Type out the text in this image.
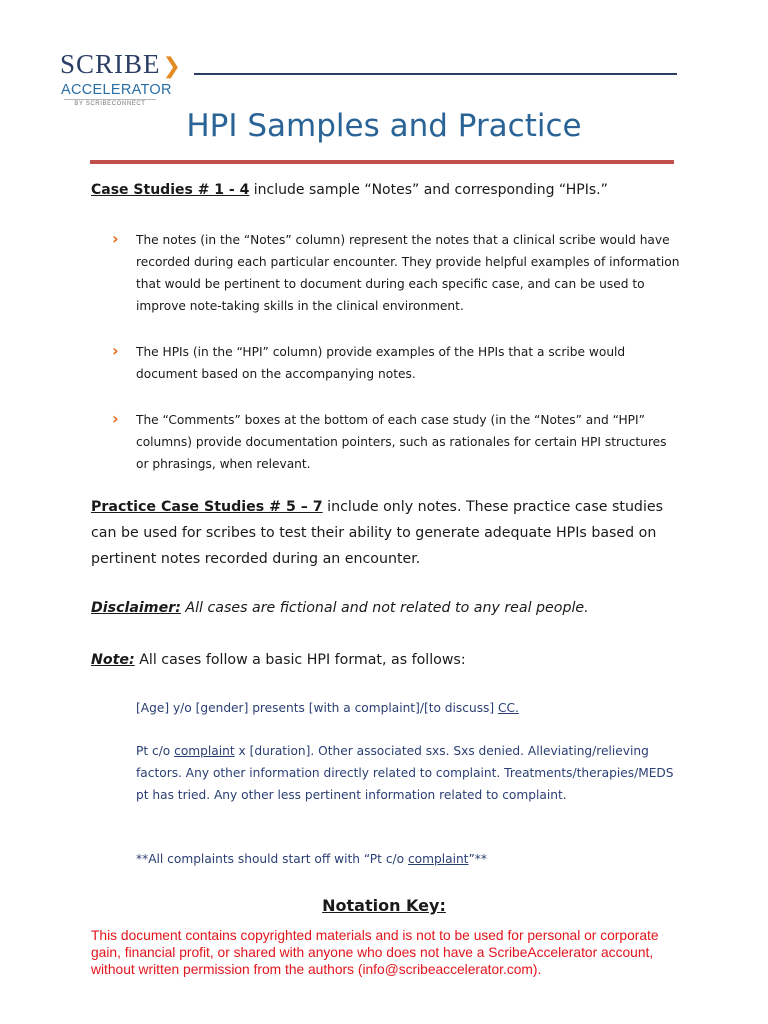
SCRIBE❯
ACCELERATOR
BY SCRIBECONNECT
HPI Samples and Practice
Case Studies # 1 - 4 include sample “Notes” and corresponding “HPIs.”
› The notes (in the “Notes” column) represent the notes that a clinical scribe would have recorded during each particular encounter. They provide helpful examples of information that would be pertinent to document during each specific case, and can be used to improve note-taking skills in the clinical environment.
› The HPIs (in the “HPI” column) provide examples of the HPIs that a scribe would document based on the accompanying notes.
› The “Comments” boxes at the bottom of each case study (in the “Notes” and “HPI” columns) provide documentation pointers, such as rationales for certain HPI structures or phrasings, when relevant.
Practice Case Studies # 5 – 7 include only notes. These practice case studies can be used for scribes to test their ability to generate adequate HPIs based on pertinent notes recorded during an encounter.
Disclaimer: All cases are fictional and not related to any real people.
Note: All cases follow a basic HPI format, as follows:
[Age] y/o [gender] presents [with a complaint]/[to discuss] CC.
Pt c/o complaint x [duration]. Other associated sxs. Sxs denied. Alleviating/relieving factors. Any other information directly related to complaint. Treatments/therapies/MEDS pt has tried. Any other less pertinent information related to complaint.
**All complaints should start off with “Pt c/o complaint”**
Notation Key:
This document contains copyrighted materials and is not to be used for personal or corporate gain, financial profit, or shared with anyone who does not have a ScribeAccelerator account, without written permission from the authors (info@scribeaccelerator.com).
